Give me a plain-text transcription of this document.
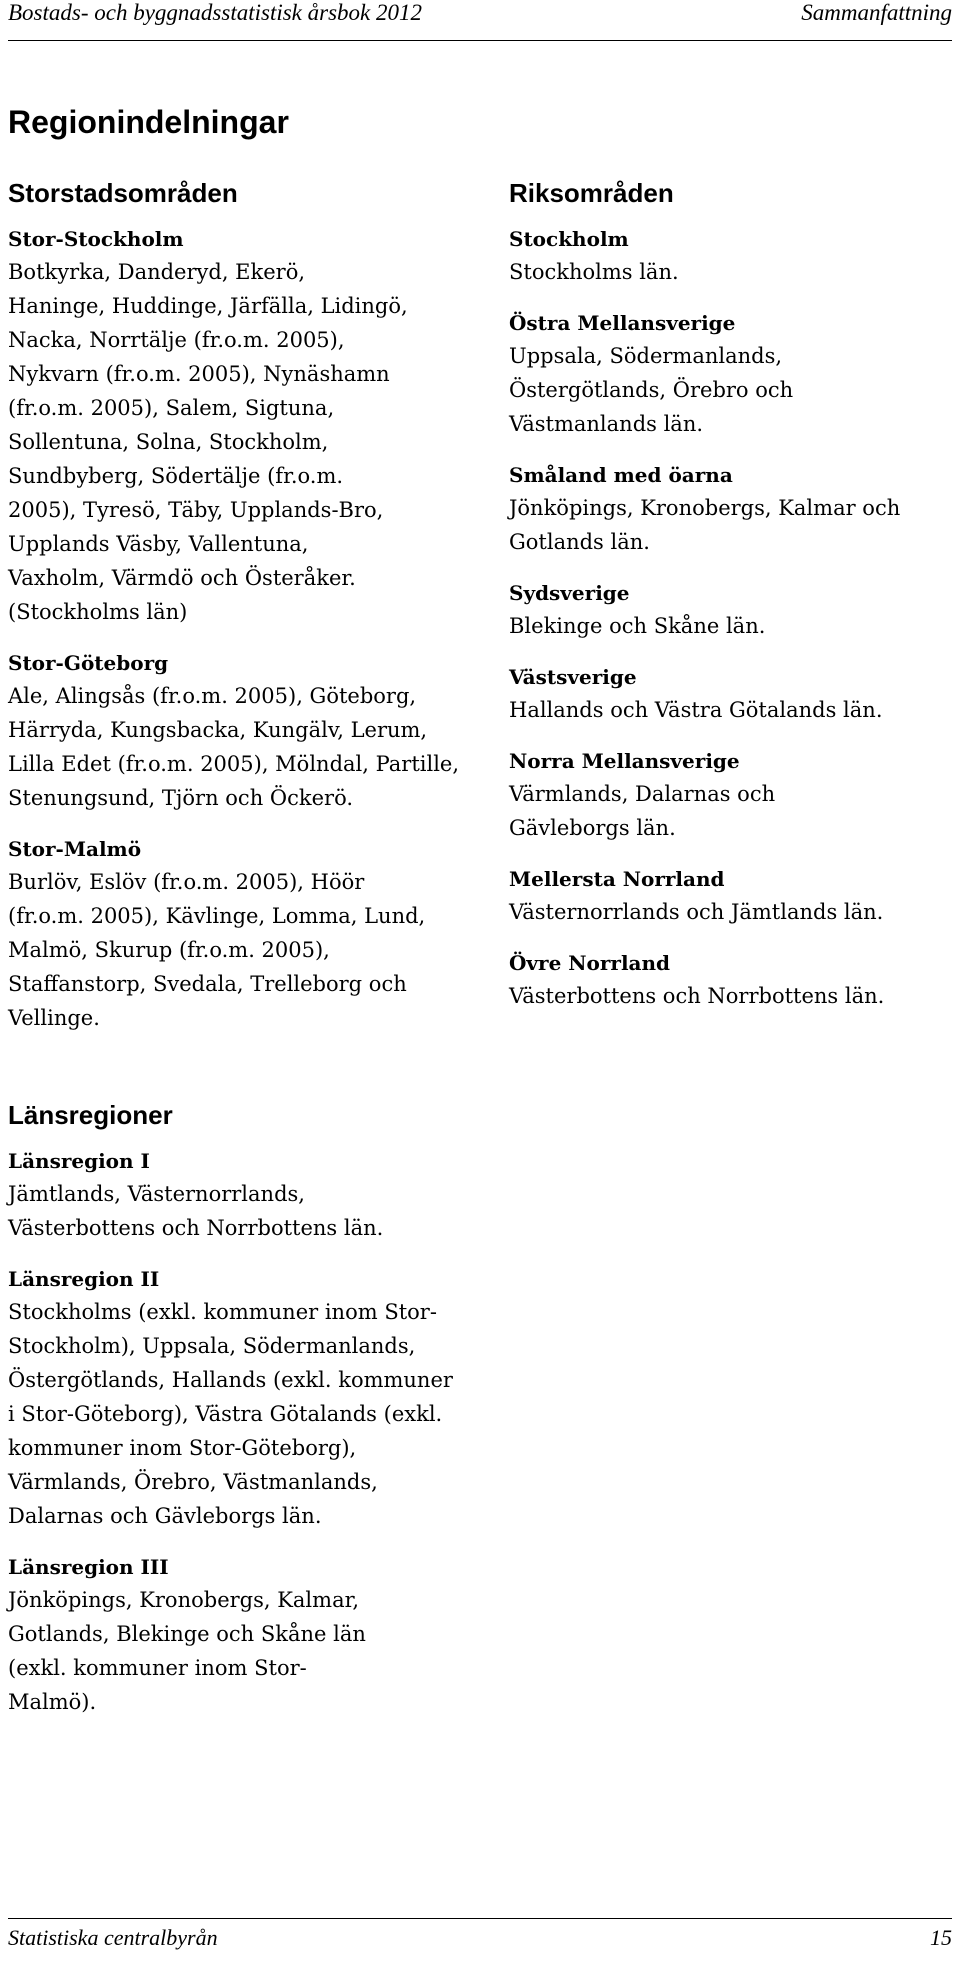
Bostads- och byggnadsstatistisk årsbok 2012	Sammanfattning
Regionindelningar
Storstadsområden
Stor-Stockholm

Botkyrka, Danderyd, Ekerö, Haninge, Huddinge, Järfälla, Lidingö, Nacka, Norrtälje (fr.o.m. 2005), Nykvarn (fr.o.m. 2005), Nynäshamn (fr.o.m. 2005), Salem, Sigtuna, Sollentuna, Solna, Stockholm, Sundbyberg, Södertälje (fr.o.m. 2005), Tyresö, Täby, Upplands-Bro, Upplands Väsby, Vallentuna, Vaxholm, Värmdö och Österåker. (Stockholms län)

Stor-Göteborg

Ale, Alingsås (fr.o.m. 2005), Göteborg, Härryda, Kungsbacka, Kungälv, Lerum, Lilla Edet (fr.o.m. 2005), Mölndal, Partille, Stenungsund, Tjörn och Öckerö.

Stor-Malmö

Burlöv, Eslöv (fr.o.m. 2005), Höör (fr.o.m. 2005), Kävlinge, Lomma, Lund, Malmö, Skurup (fr.o.m. 2005), Staffanstorp, Svedala, Trelleborg och Vellinge.

Länsregioner
Länsregion I

Jämtlands, Västernorrlands, Västerbottens och Norrbottens län.

Länsregion II

Stockholms (exkl. kommuner inom Stor-Stockholm), Uppsala, Södermanlands, Östergötlands, Hallands (exkl. kommuner i Stor-Göteborg), Västra Götalands (exkl. kommuner inom Stor-Göteborg), Värmlands, Örebro, Västmanlands, Dalarnas och Gävleborgs län.

Länsregion III

Jönköpings, Kronobergs, Kalmar, Gotlands, Blekinge och Skåne län (exkl. kommuner inom Stor-Malmö).

Riksområden
Stockholm

Stockholms län.

Östra Mellansverige

Uppsala, Södermanlands, Östergötlands, Örebro och Västmanlands län.

Småland med öarna

Jönköpings, Kronobergs, Kalmar och Gotlands län.

Sydsverige

Blekinge och Skåne län.

Västsverige

Hallands och Västra Götalands län.

Norra Mellansverige

Värmlands, Dalarnas och Gävleborgs län.

Mellersta Norrland

Västernorrlands och Jämtlands län.

Övre Norrland

Västerbottens och Norrbottens län.

Statistiska centralbyrån	15
